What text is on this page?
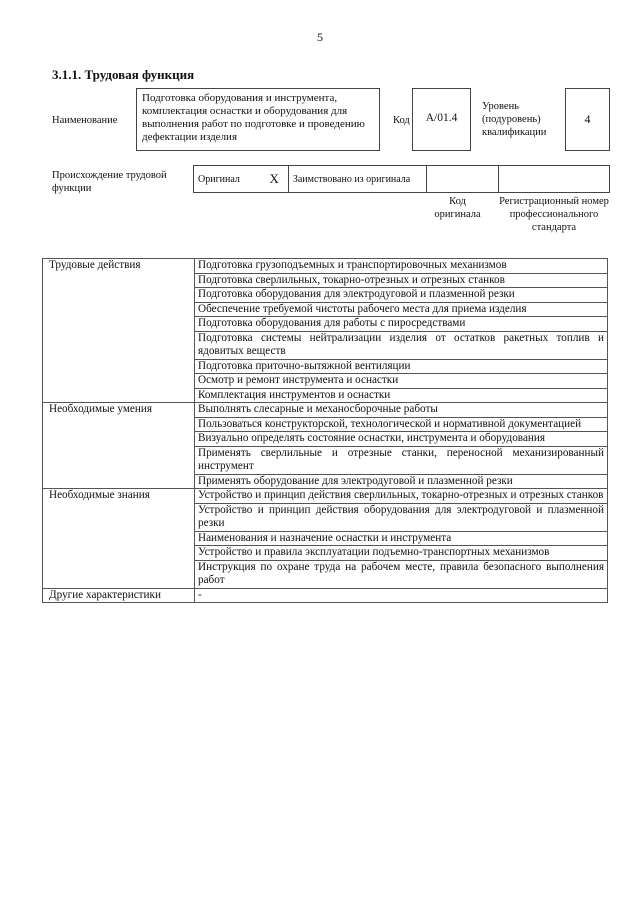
5
3.1.1. Трудовая функция
Наименование
Подготовка оборудования и инструмента, комплектация оснастки и оборудования для выполнения работ по подготовке и проведению дефектации изделия
Код	А/01.4
Уровень (подуровень) квалификации
4
Происхождение трудовой функции
Оригинал	X	Заимствовано из оригинала		
Код оригинала
Регистрационный номер профессионального стандарта
Трудовые действия	Подготовка грузоподъемных и транспортировочных механизмов
	Подготовка сверлильных, токарно-отрезных и отрезных станков
	Подготовка оборудования для электродуговой и плазменной резки
	Обеспечение требуемой чистоты рабочего места для приема изделия
	Подготовка оборудования для работы с пиросредствами
	Подготовка системы нейтрализации изделия от остатков ракетных топлив и ядовитых веществ
	Подготовка приточно-вытяжной вентиляции
	Осмотр и ремонт инструмента и оснастки
	Комплектация инструментов и оснастки
Необходимые умения	Выполнять слесарные и механосборочные работы
	Пользоваться конструкторской, технологической и нормативной документацией
	Визуально определять состояние оснастки, инструмента и оборудования
	Применять сверлильные и отрезные станки, переносной механизированный инструмент
	Применять оборудование для электродуговой и плазменной резки
Необходимые знания	Устройство и принцип действия сверлильных, токарно-отрезных и отрезных станков
	Устройство и принцип действия оборудования для электродуговой и плазменной резки
	Наименования и назначение оснастки и инструмента
	Устройство и правила эксплуатации подъемно-транспортных механизмов
	Инструкция по охране труда на рабочем месте, правила безопасного выполнения работ
Другие характеристики	-
